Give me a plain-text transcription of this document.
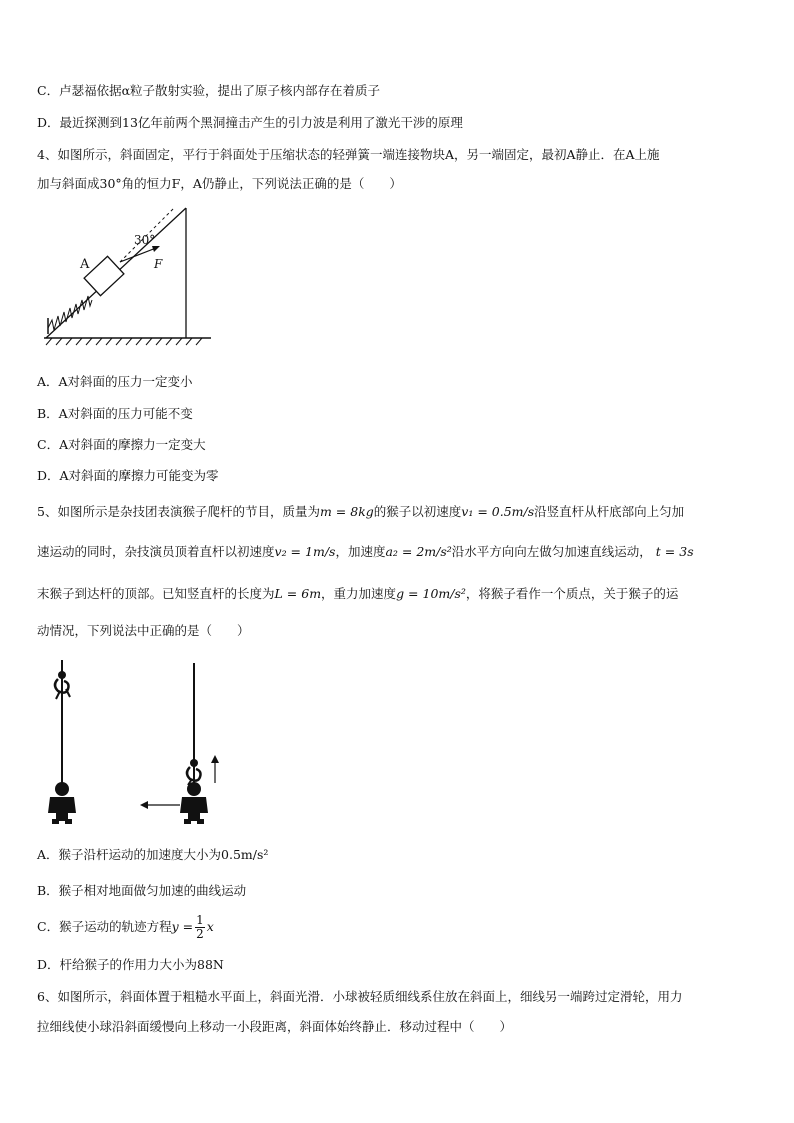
C．卢瑟福依据α粒子散射实验，提出了原子核内部存在着质子
D．最近探测到13亿年前两个黑洞撞击产生的引力波是利用了激光干涉的原理
4、如图所示，斜面固定，平行于斜面处于压缩状态的轻弹簧一端连接物块A，另一端固定，最初A静止．在A上施
加与斜面成30°角的恒力F，A仍静止，下列说法正确的是（　　）
A
30°
F
A．A对斜面的压力一定变小
B．A对斜面的压力可能不变
C．A对斜面的摩擦力一定变大
D．A对斜面的摩擦力可能变为零
5、如图所示是杂技团表演猴子爬杆的节目，质量为m = 8kg的猴子以初速度v₁ = 0.5m/s沿竖直杆从杆底部向上匀加
速运动的同时，杂技演员顶着直杆以初速度v₂ = 1m/s，加速度a₂ = 2m/s²沿水平方向向左做匀加速直线运动， t = 3s
末猴子到达杆的顶部。已知竖直杆的长度为L = 6m，重力加速度g = 10m/s²，将猴子看作一个质点，关于猴子的运
动情况，下列说法中正确的是（　　）
A．猴子沿杆运动的加速度大小为0.5m/s²
B．猴子相对地面做匀加速的曲线运动
C．猴子运动的轨迹方程$y = \frac{1}{2}$ x
D．杆给猴子的作用力大小为88N
6、如图所示，斜面体置于粗糙水平面上，斜面光滑．小球被轻质细线系住放在斜面上，细线另一端跨过定滑轮，用力
拉细线使小球沿斜面缓慢向上移动一小段距离，斜面体始终静止．移动过程中（　　）
